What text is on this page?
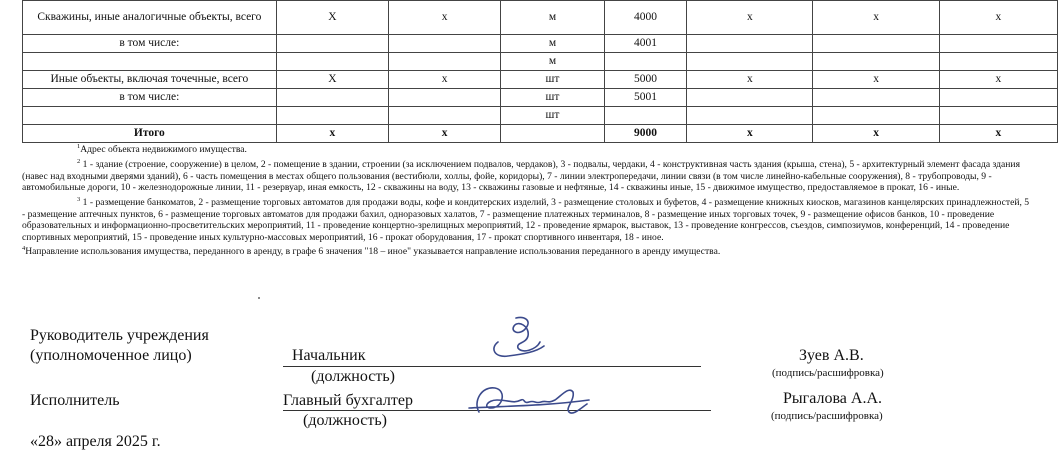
Скважины, иные аналогичные объекты, всего	Х	х	м	4000	х	х	х
в том числе:			м	4001			
			м				
Иные объекты, включая точечные, всего	Х	х	шт	5000	х	х	х
в том числе:			шт	5001			
			шт				
Итого	х	х		9000	х	х	х

$^1$Адрес объекта недвижимого имущества.

$^2$ 1 - здание (строение, сооружение) в целом, 2 - помещение в здании, строении (за исключением подвалов, чердаков), 3 - подвалы, чердаки, 4 - конструктивная часть здания (крыша, стена), 5 - архитектурный элемент фасада здания (навес над входными дверями зданий), 6 - часть помещения в местах общего пользования (вестибюли, холлы, фойе, коридоры), 7 - линии электропередачи, линии связи (в том числе линейно-кабельные сооружения), 8 - трубопроводы, 9 - автомобильные дороги, 10 - железнодорожные линии, 11 - резервуар, иная емкость, 12 - скважины на воду, 13 - скважины газовые и нефтяные, 14 - скважины иные, 15 - движимое имущество, предоставляемое в прокат, 16 - иные.

$^3$ 1 - размещение банкоматов, 2 - размещение торговых автоматов для продажи воды, кофе и кондитерских изделий, 3 - размещение столовых и буфетов, 4 - размещение книжных киосков, магазинов канцелярских принадлежностей, 5 - размещение аптечных пунктов, 6 - размещение торговых автоматов для продажи бахил, одноразовых халатов, 7 - размещение платежных терминалов, 8 - размещение иных торговых точек, 9 - размещение офисов банков, 10 - проведение образовательных и информационно-просветительских мероприятий, 11 - проведение концертно-зрелищных мероприятий, 12 - проведение ярмарок, выставок, 13 - проведение конгрессов, съездов, симпозиумов, конференций, 14 - проведение спортивных мероприятий, 15 - проведение иных культурно-массовых мероприятий, 16 - прокат оборудования, 17 - прокат спортивного инвентаря, 18 - иное.

$^4$Направление использования имущества, переданного в аренду, в графе 6 значения "18 – иное" указывается направление использования переданного в аренду имущества.

Руководитель учреждения
(уполномоченное лицо)	Начальник
(должность)
Зуев А.В.
(подпись/расшифровка)
Исполнитель	Главный бухгалтер
(должность)
Рыгалова А.А.
(подпись/расшифровка)
«28» апреля 2025 г.
